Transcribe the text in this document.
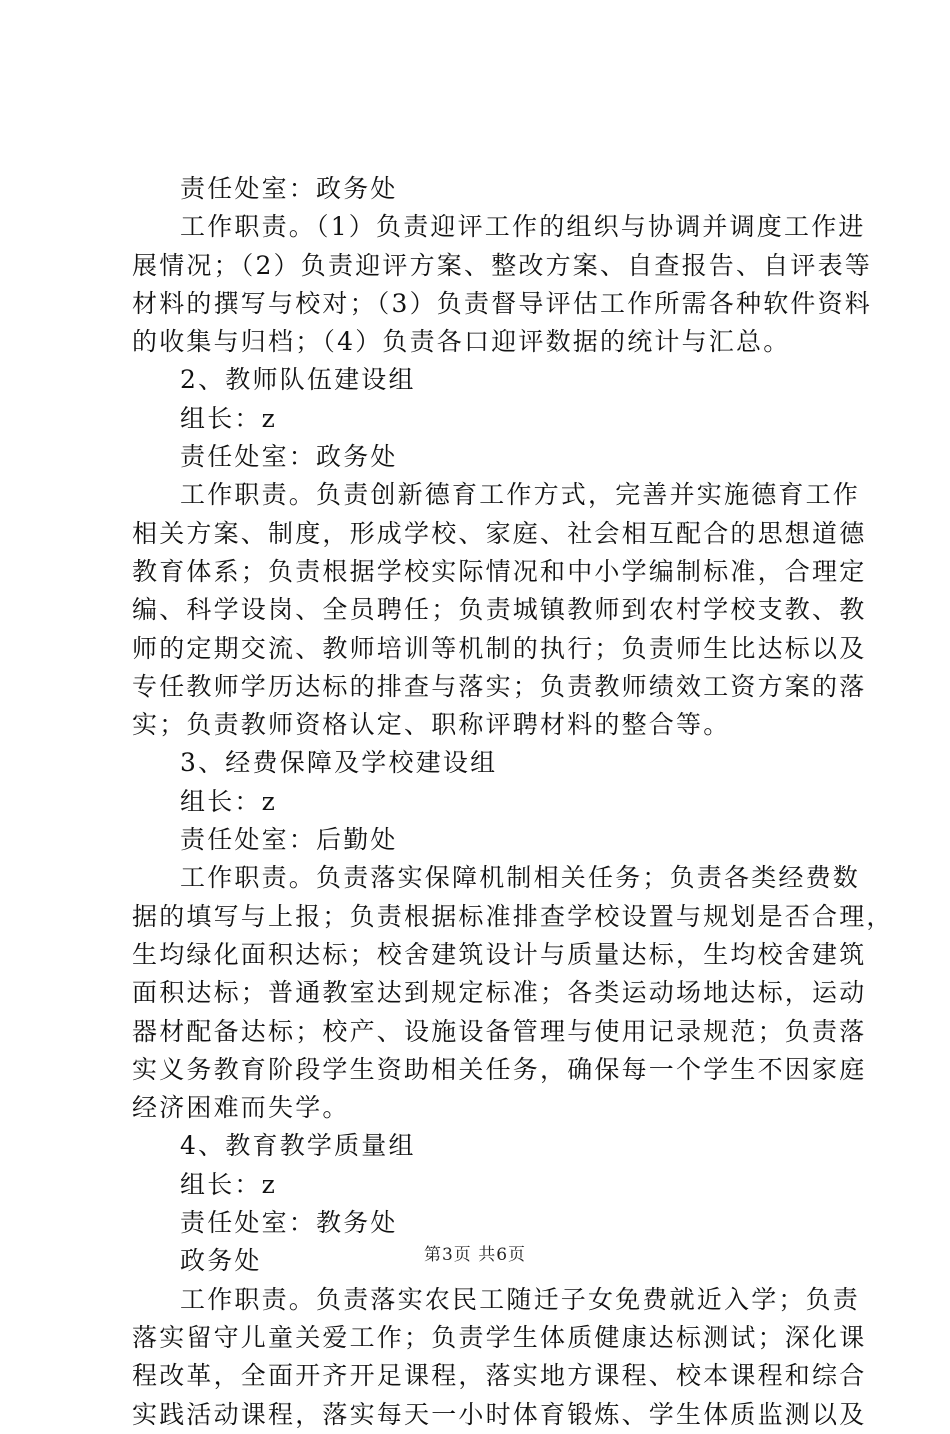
责任处室：政务处
工作职责。（1）负责迎评工作的组织与协调并调度工作进
展情况；（2）负责迎评方案、整改方案、自查报告、自评表等
材料的撰写与校对；（3）负责督导评估工作所需各种软件资料
的收集与归档；（4）负责各口迎评数据的统计与汇总。
2、教师队伍建设组
组长：z
责任处室：政务处
工作职责。负责创新德育工作方式，完善并实施德育工作
相关方案、制度，形成学校、家庭、社会相互配合的思想道德
教育体系；负责根据学校实际情况和中小学编制标准，合理定
编、科学设岗、全员聘任；负责城镇教师到农村学校支教、教
师的定期交流、教师培训等机制的执行；负责师生比达标以及
专任教师学历达标的排查与落实；负责教师绩效工资方案的落
实；负责教师资格认定、职称评聘材料的整合等。
3、经费保障及学校建设组
组长：z
责任处室：后勤处
工作职责。负责落实保障机制相关任务；负责各类经费数
据的填写与上报；负责根据标准排查学校设置与规划是否合理，
生均绿化面积达标；校舍建筑设计与质量达标，生均校舍建筑
面积达标；普通教室达到规定标准；各类运动场地达标，运动
器材配备达标；校产、设施设备管理与使用记录规范；负责落
实义务教育阶段学生资助相关任务，确保每一个学生不因家庭
经济困难而失学。
4、教育教学质量组
组长：z
责任处室：教务处
政务处
工作职责。负责落实农民工随迁子女免费就近入学；负责
落实留守儿童关爱工作；负责学生体质健康达标测试；深化课
程改革，全面开齐开足课程，落实地方课程、校本课程和综合
实践活动课程，落实每天一小时体育锻炼、学生体质监测以及
第3页 共6页
